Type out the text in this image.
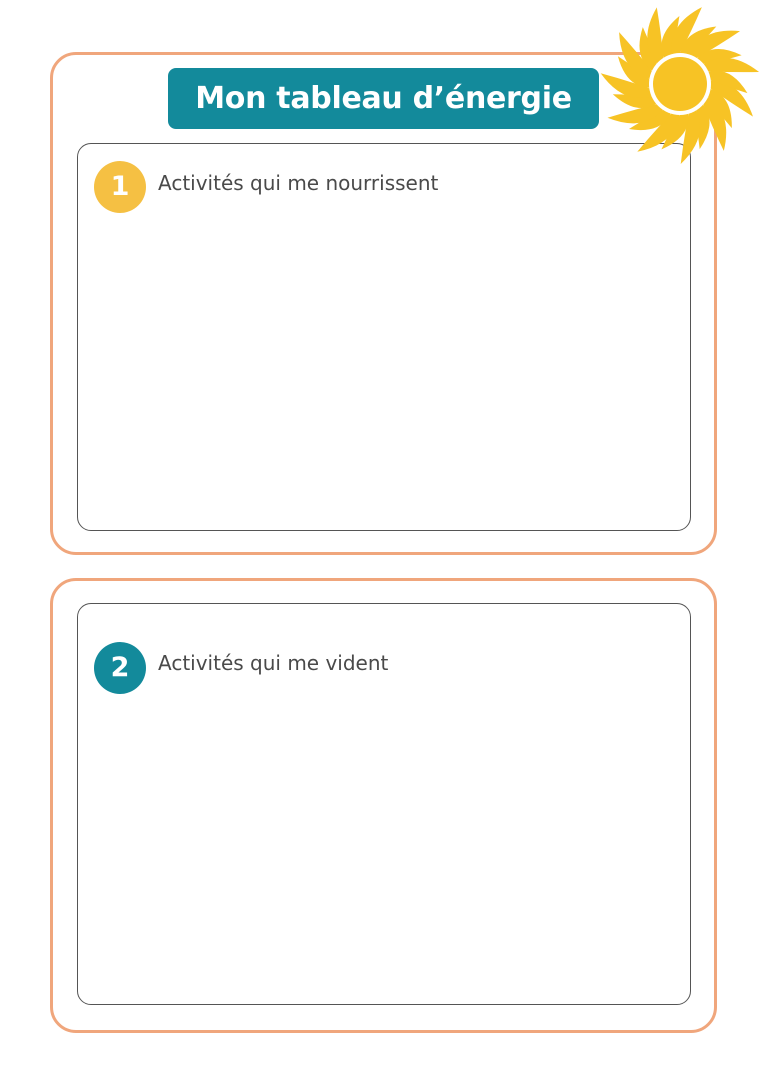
Mon tableau d’énergie
1	Activités qui me nourrissent
2	Activités qui me vident
